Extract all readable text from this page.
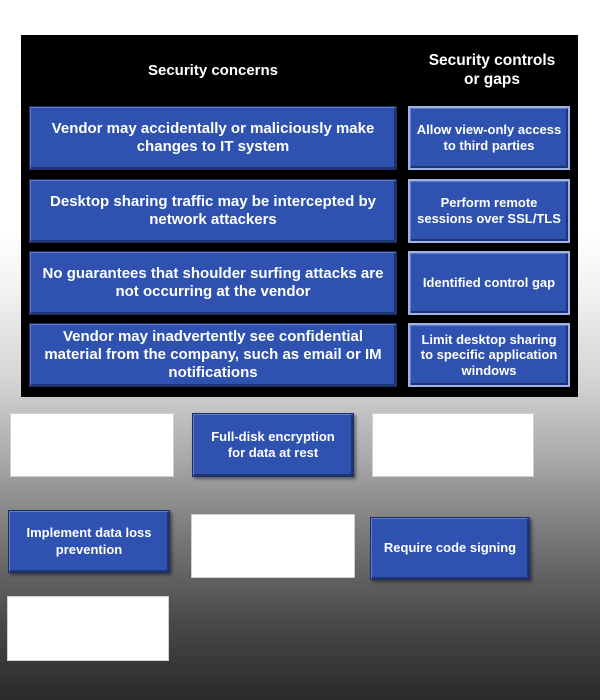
Security concerns
Security controls
or gaps
Vendor may accidentally or maliciously make changes to IT system
Allow view-only access to third parties
Desktop sharing traffic may be intercepted by network attackers
Perform remote sessions over SSL/TLS
No guarantees that shoulder surfing attacks are not occurring at the vendor
Identified control gap
Vendor may inadvertently see confidential material from the company, such as email or IM notifications
Limit desktop sharing to specific application windows
Full-disk encryption for data at rest
Implement data loss prevention	Require code signing
